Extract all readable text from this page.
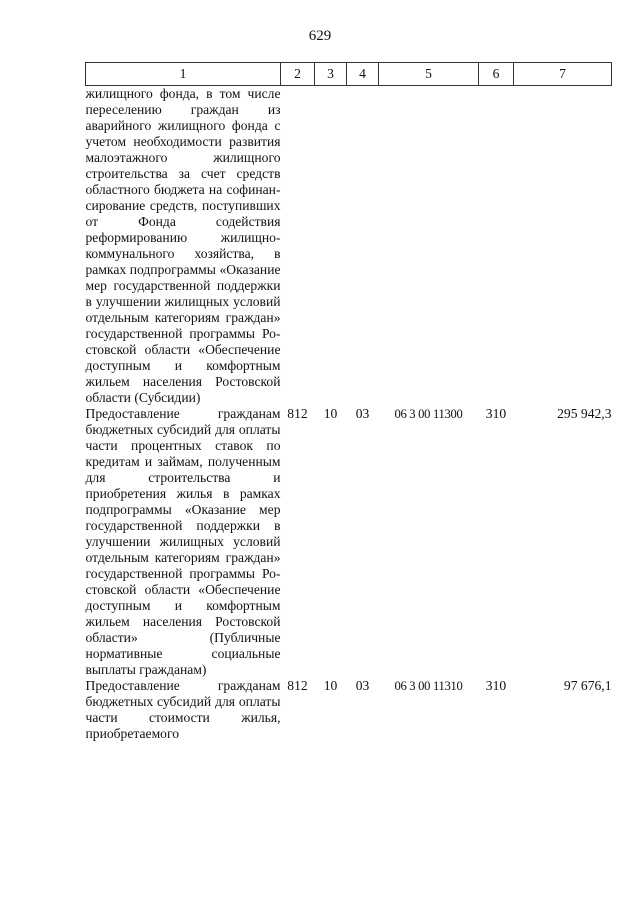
629
1	2	3	4	5	6	7
жилищного фонда, в том числе переселению граждан из аварийного жилищного фонда с учетом необходимости развития малоэтажного жилищного строительства за счет средств областного бюджета на софинансирование средств, поступивших от Фонда содействия реформированию жилищно-коммунального хозяйства, в рамках подпрограммы «Оказание мер государственной поддержки в улучшении жилищных условий отдельным категориям граждан» государственной программы Ростовской области «Обеспечение доступным и комфортным жильем населения Ростовской области (Субсидии)						
Предоставление гражданам бюджетных субсидий для оплаты части процентных ставок по кредитам и займам, полученным для строительства и приобретения жилья в рамках подпрограммы «Оказание мер государственной поддержки в улучшении жилищных условий отдельным категориям граждан» государственной программы Ростовской области «Обеспечение доступным и комфортным жильем населения Ростовской области» (Публичные нормативные социальные выплаты гражданам)	812	10	03	06 3 00 11300	310	295 942,3
Предоставление гражданам бюджетных субсидий для оплаты части стоимости жилья, приобретаемого	812	10	03	06 3 00 11310	310	97 676,1
